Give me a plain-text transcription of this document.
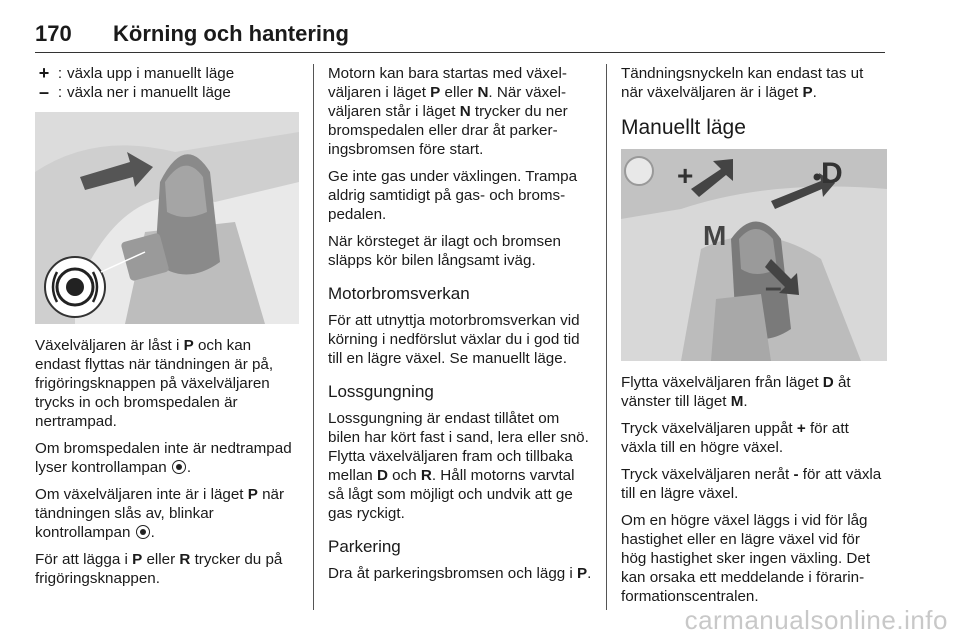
170 Körning och hantering
+ : växla upp i manuellt läge
– : växla ner i manuellt läge

Växelväljaren är låst i P och kan endast flyttas när tändningen är på, frigöringsknappen på växelväljaren trycks in och bromspedalen är nertrampad.

Om bromspedalen inte är nedtrampad lyser kontrollampan .

Om växelväljaren inte är i läget P när tändningen slås av, blinkar kontrollampan .

För att lägga i P eller R trycker du på frigöringsknappen.

Motorn kan bara startas med växelväljaren i läget P eller N. När växelväljaren står i läget N trycker du ner bromspedalen eller drar åt parkeringsbromsen före start.

Ge inte gas under växlingen. Trampa aldrig samtidigt på gas- och bromspedalen.

När körsteget är ilagt och bromsen släpps kör bilen långsamt iväg.

Motorbromsverkan

För att utnyttja motorbromsverkan vid körning i nedförslut växlar du i god tid till en lägre växel. Se manuellt läge.

Lossgungning

Lossgungning är endast tillåtet om bilen har kört fast i sand, lera eller snö. Flytta växelväljaren fram och tillbaka mellan D och R. Håll motorns varvtal så lågt som möjligt och undvik att ge gas ryckigt.

Parkering

Dra åt parkeringsbromsen och lägg i P.

Tändningsnyckeln kan endast tas ut när växelväljaren är i läget P.

Manuellt läge
+	D
M
–

Flytta växelväljaren från läget D åt vänster till läget M.

Tryck växelväljaren uppåt + för att växla till en högre växel.

Tryck växelväljaren neråt - för att växla till en lägre växel.

Om en högre växel läggs i vid för låg hastighet eller en lägre växel vid för hög hastighet sker ingen växling. Det kan orsaka ett meddelande i förarinformationscentralen.

carmanualsonline.info
